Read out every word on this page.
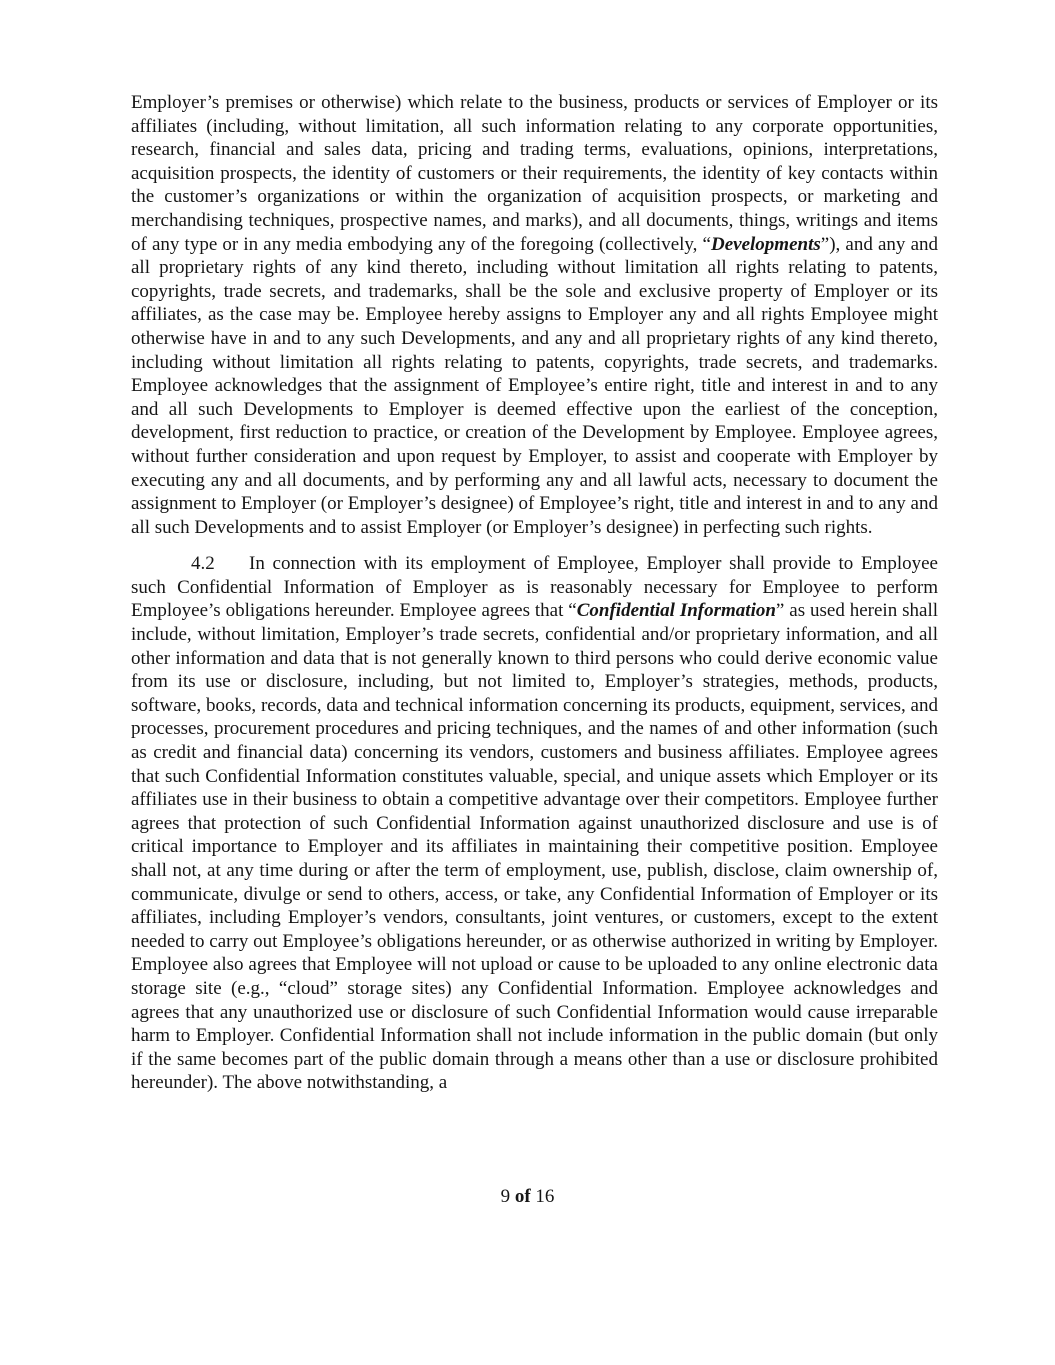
Employer’s premises or otherwise) which relate to the business, products or services of Employer or its affiliates (including, without limitation, all such information relating to any corporate opportunities, research, financial and sales data, pricing and trading terms, evaluations, opinions, interpretations, acquisition prospects, the identity of customers or their requirements, the identity of key contacts within the customer’s organizations or within the organization of acquisition prospects, or marketing and merchandising techniques, prospective names, and marks), and all documents, things, writings and items of any type or in any media embodying any of the foregoing (collectively, “Developments”), and any and all proprietary rights of any kind thereto, including without limitation all rights relating to patents, copyrights, trade secrets, and trademarks, shall be the sole and exclusive property of Employer or its affiliates, as the case may be. Employee hereby assigns to Employer any and all rights Employee might otherwise have in and to any such Developments, and any and all proprietary rights of any kind thereto, including without limitation all rights relating to patents, copyrights, trade secrets, and trademarks. Employee acknowledges that the assignment of Employee’s entire right, title and interest in and to any and all such Developments to Employer is deemed effective upon the earliest of the conception, development, first reduction to practice, or creation of the Development by Employee. Employee agrees, without further consideration and upon request by Employer, to assist and cooperate with Employer by executing any and all documents, and by performing any and all lawful acts, necessary to document the assignment to Employer (or Employer’s designee) of Employee’s right, title and interest in and to any and all such Developments and to assist Employer (or Employer’s designee) in perfecting such rights.

4.2 In connection with its employment of Employee, Employer shall provide to Employee such Confidential Information of Employer as is reasonably necessary for Employee to perform Employee’s obligations hereunder. Employee agrees that “Confidential Information” as used herein shall include, without limitation, Employer’s trade secrets, confidential and/or proprietary information, and all other information and data that is not generally known to third persons who could derive economic value from its use or disclosure, including, but not limited to, Employer’s strategies, methods, products, software, books, records, data and technical information concerning its products, equipment, services, and processes, procurement procedures and pricing techniques, and the names of and other information (such as credit and financial data) concerning its vendors, customers and business affiliates. Employee agrees that such Confidential Information constitutes valuable, special, and unique assets which Employer or its affiliates use in their business to obtain a competitive advantage over their competitors. Employee further agrees that protection of such Confidential Information against unauthorized disclosure and use is of critical importance to Employer and its affiliates in maintaining their competitive position. Employee shall not, at any time during or after the term of employment, use, publish, disclose, claim ownership of, communicate, divulge or send to others, access, or take, any Confidential Information of Employer or its affiliates, including Employer’s vendors, consultants, joint ventures, or customers, except to the extent needed to carry out Employee’s obligations hereunder, or as otherwise authorized in writing by Employer. Employee also agrees that Employee will not upload or cause to be uploaded to any online electronic data storage site (e.g., “cloud” storage sites) any Confidential Information. Employee acknowledges and agrees that any unauthorized use or disclosure of such Confidential Information would cause irreparable harm to Employer. Confidential Information shall not include information in the public domain (but only if the same becomes part of the public domain through a means other than a use or disclosure prohibited hereunder). The above notwithstanding, a

9 of 16
